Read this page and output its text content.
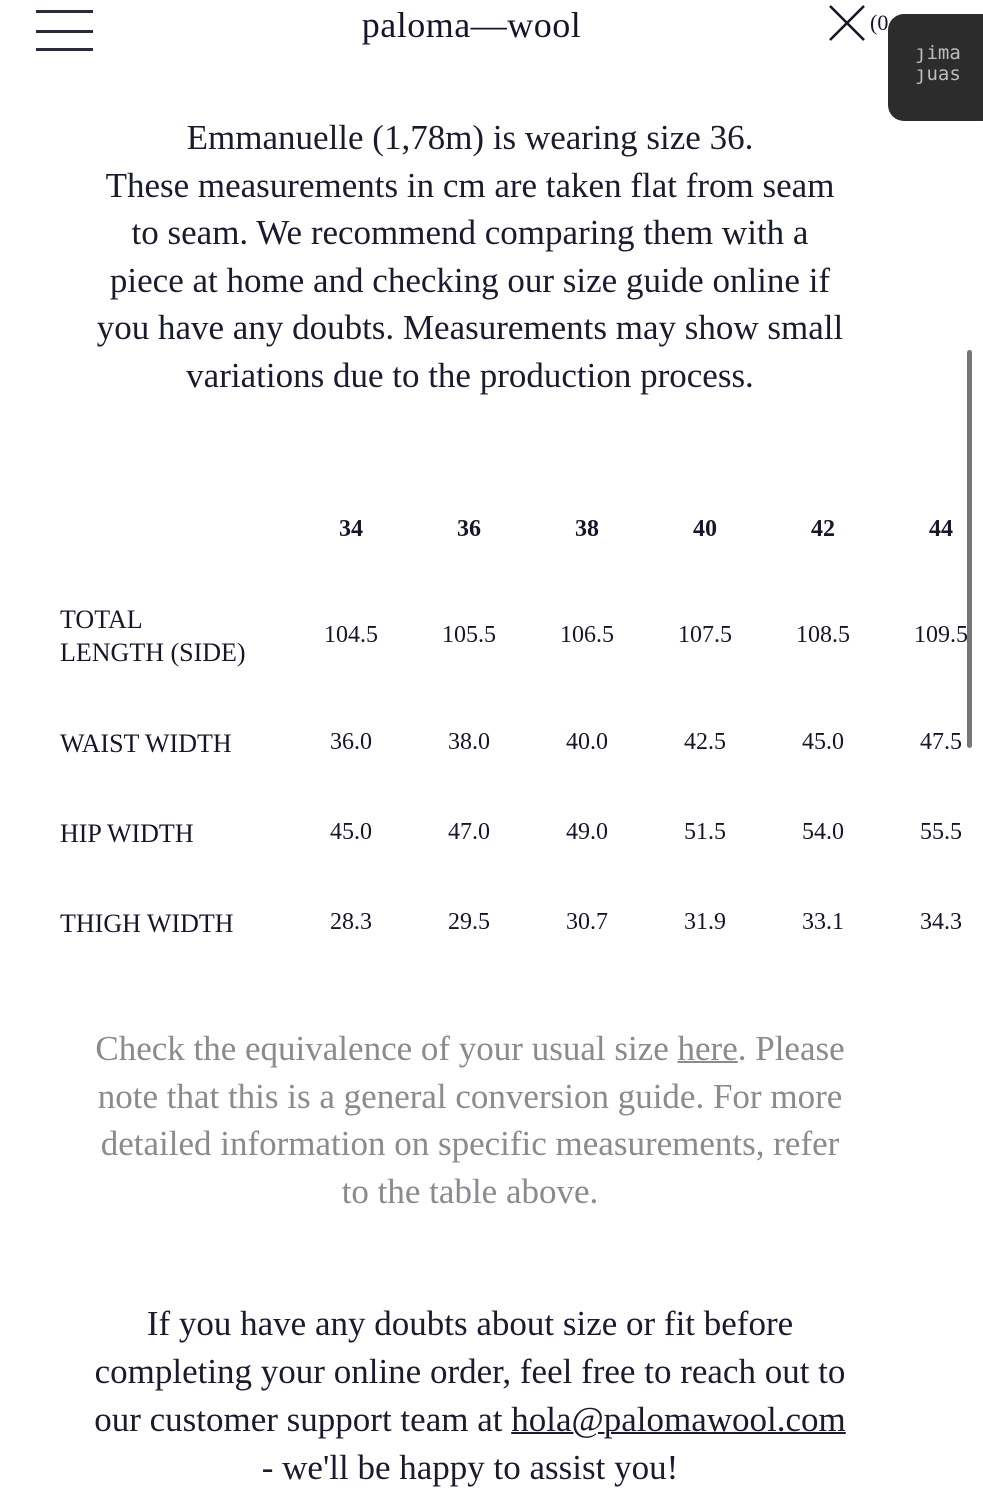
paloma—wool	(0
ȷima
ȷuas
Emmanuelle (1,78m) is wearing size 36.
These measurements in cm are taken flat from seam
to seam. We recommend comparing them with a
piece at home and checking our size guide online if
you have any doubts. Measurements may show small
variations due to the production process.
34	36	38	40	42	44
TOTAL
LENGTH (SIDE)
104.5	105.5	106.5	107.5	108.5	109.5
WAIST WIDTH	36.0	38.0	40.0	42.5	45.0	47.5
HIP WIDTH	45.0	47.0	49.0	51.5	54.0	55.5
THIGH WIDTH	28.3	29.5	30.7	31.9	33.1	34.3
Check the equivalence of your usual size here. Please
note that this is a general conversion guide. For more
detailed information on specific measurements, refer
to the table above.
If you have any doubts about size or fit before
completing your online order, feel free to reach out to
our customer support team at hola@palomawool.com
- we'll be happy to assist you!
